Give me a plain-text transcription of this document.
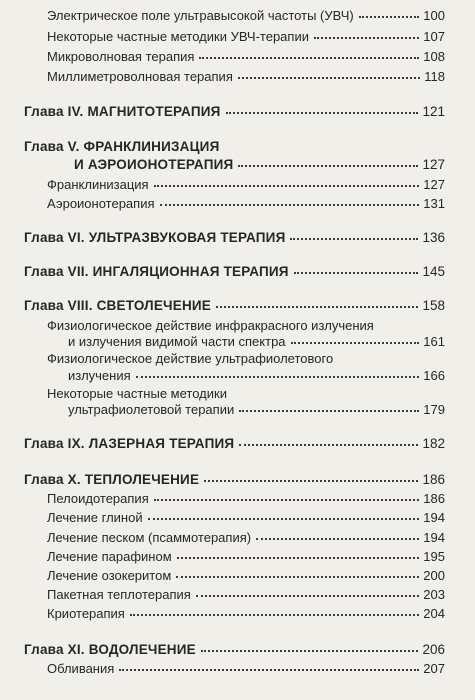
Электрическое поле ультравысокой частоты (УВЧ)	100
Некоторые частные методики УВЧ-терапии	107
Микроволновая терапия	108
Миллиметроволновая терапия	118
Глава IV. МАГНИТОТЕРАПИЯ	121
Глава V. ФРАНКЛИНИЗАЦИЯ
И АЭРОИОНОТЕРАПИЯ	127
Франклинизация	127
Аэроионотерапия	131
Глава VI. УЛЬТРАЗВУКОВАЯ ТЕРАПИЯ	136
Глава VII. ИНГАЛЯЦИОННАЯ ТЕРАПИЯ	145
Глава VIII. СВЕТОЛЕЧЕНИЕ	158
Физиологическое действие инфракрасного излучения
и излучения видимой части спектра	161
Физиологическое действие ультрафиолетового
излучения	166
Некоторые частные методики
ультрафиолетовой терапии	179
Глава IX. ЛАЗЕРНАЯ ТЕРАПИЯ	182
Глава X. ТЕПЛОЛЕЧЕНИЕ	186
Пелоидотерапия	186
Лечение глиной	194
Лечение песком (псаммотерапия)	194
Лечение парафином	195
Лечение озокеритом	200
Пакетная теплотерапия	203
Криотерапия	204
Глава XI. ВОДОЛЕЧЕНИЕ	206
Обливания	207
